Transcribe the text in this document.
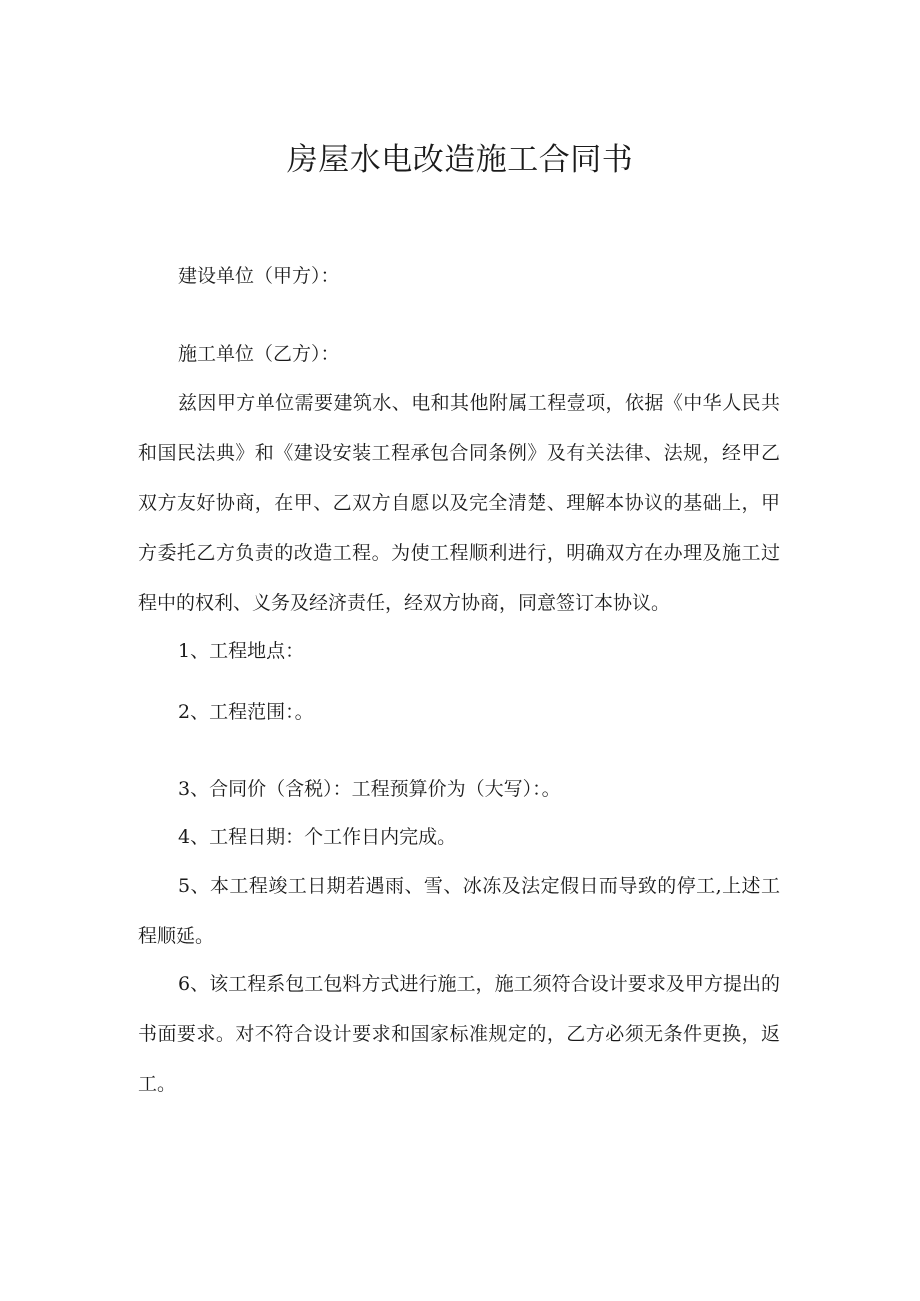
房屋水电改造施工合同书

建设单位（甲方）：

施工单位（乙方）：

兹因甲方单位需要建筑水、电和其他附属工程壹项，依据《中华人民共和国民法典》和《建设安装工程承包合同条例》及有关法律、法规，经甲乙双方友好协商，在甲、乙双方自愿以及完全清楚、理解本协议的基础上，甲方委托乙方负责的改造工程。为使工程顺利进行，明确双方在办理及施工过程中的权利、义务及经济责任，经双方协商，同意签订本协议。

1、工程地点：

2、工程范围：。

3、合同价（含税）：工程预算价为（大写）：。

4、工程日期：个工作日内完成。

5、本工程竣工日期若遇雨、雪、冰冻及法定假日而导致的停工,上述工程顺延。

6、该工程系包工包料方式进行施工，施工须符合设计要求及甲方提出的书面要求。对不符合设计要求和国家标准规定的，乙方必须无条件更换，返工。
